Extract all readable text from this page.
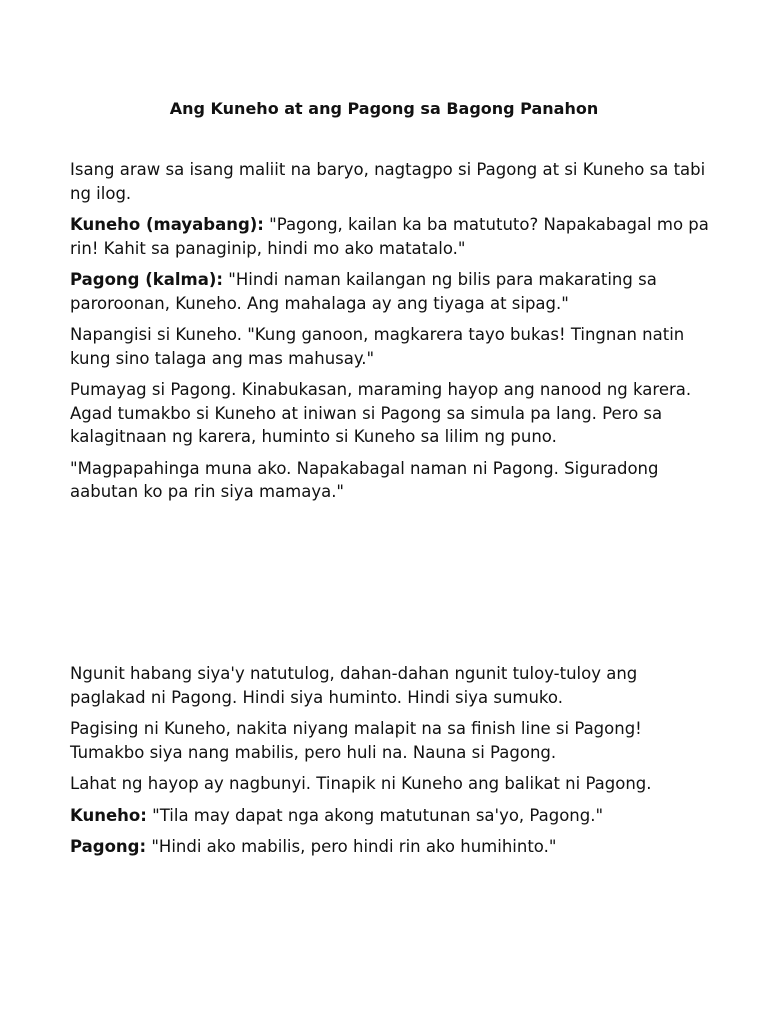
Ang Kuneho at ang Pagong sa Bagong Panahon

Isang araw sa isang maliit na baryo, nagtagpo si Pagong at si Kuneho sa tabi ng ilog.

Kuneho (mayabang): "Pagong, kailan ka ba matututo? Napakabagal mo pa rin! Kahit sa panaginip, hindi mo ako matatalo."

Pagong (kalma): "Hindi naman kailangan ng bilis para makarating sa paroroonan, Kuneho. Ang mahalaga ay ang tiyaga at sipag."

Napangisi si Kuneho. "Kung ganoon, magkarera tayo bukas! Tingnan natin kung sino talaga ang mas mahusay."

Pumayag si Pagong. Kinabukasan, maraming hayop ang nanood ng karera. Agad tumakbo si Kuneho at iniwan si Pagong sa simula pa lang. Pero sa kalagitnaan ng karera, huminto si Kuneho sa lilim ng puno.

"Magpapahinga muna ako. Napakabagal naman ni Pagong. Siguradong aabutan ko pa rin siya mamaya."

Ngunit habang siya'y natutulog, dahan-dahan ngunit tuloy-tuloy ang paglakad ni Pagong. Hindi siya huminto. Hindi siya sumuko.

Pagising ni Kuneho, nakita niyang malapit na sa finish line si Pagong! Tumakbo siya nang mabilis, pero huli na. Nauna si Pagong.

Lahat ng hayop ay nagbunyi. Tinapik ni Kuneho ang balikat ni Pagong.

Kuneho: "Tila may dapat nga akong matutunan sa'yo, Pagong."

Pagong: "Hindi ako mabilis, pero hindi rin ako humihinto."
